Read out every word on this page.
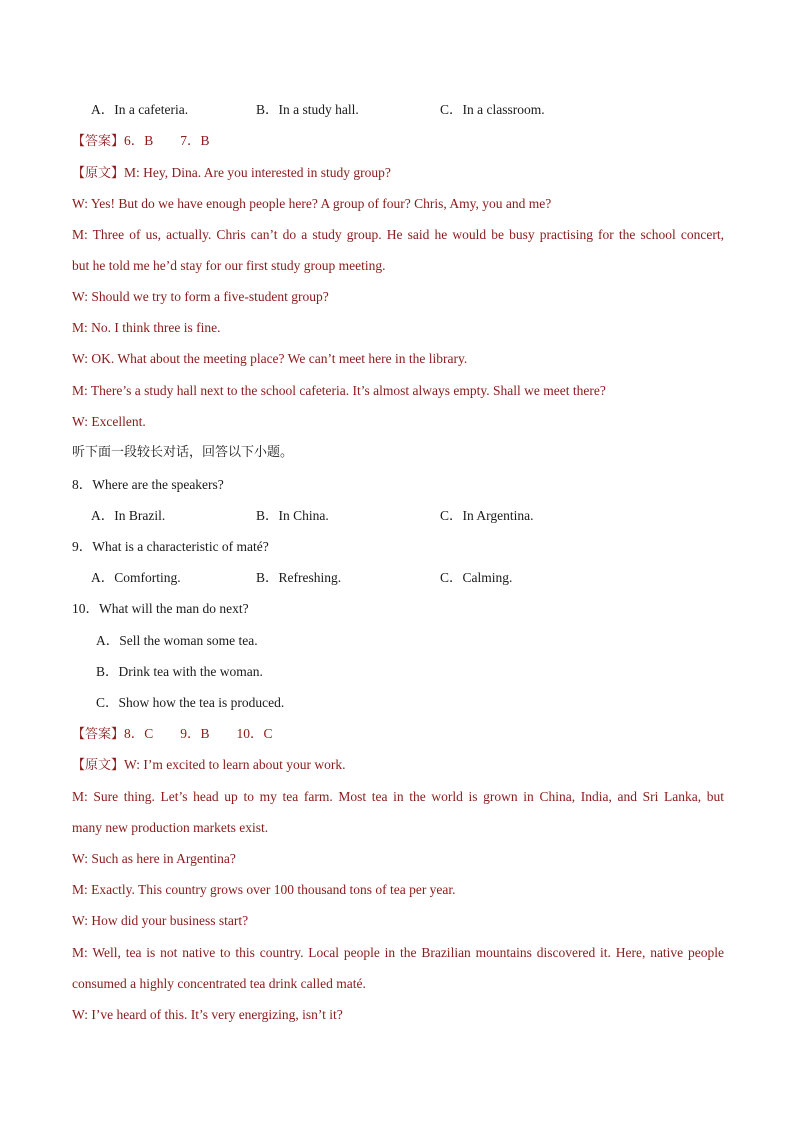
A．In a cafeteria.	B．In a study hall.	C．In a classroom.
【答案】6．B　　7．B
【原文】M: Hey, Dina. Are you interested in study group?
W: Yes! But do we have enough people here? A group of four? Chris, Amy, you and me?
M: Three of us, actually. Chris can’t do a study group. He said he would be busy practising for the school concert,
but he told me he’d stay for our first study group meeting.
W: Should we try to form a five-student group?
M: No. I think three is fine.
W: OK. What about the meeting place? We can’t meet here in the library.
M: There’s a study hall next to the school cafeteria. It’s almost always empty. Shall we meet there?
W: Excellent.
听下面一段较长对话，回答以下小题。
8．Where are the speakers?
A．In Brazil.	B．In China.	C．In Argentina.
9．What is a characteristic of maté?
A．Comforting.	B．Refreshing.	C．Calming.
10．What will the man do next?
A．Sell the woman some tea.
B．Drink tea with the woman.
C．Show how the tea is produced.
【答案】8．C　　9．B　　10．C
【原文】W: I’m excited to learn about your work.
M: Sure thing. Let’s head up to my tea farm. Most tea in the world is grown in China, India, and Sri Lanka, but
many new production markets exist.
W: Such as here in Argentina?
M: Exactly. This country grows over 100 thousand tons of tea per year.
W: How did your business start?
M: Well, tea is not native to this country. Local people in the Brazilian mountains discovered it. Here, native people
consumed a highly concentrated tea drink called maté.
W: I’ve heard of this. It’s very energizing, isn’t it?
